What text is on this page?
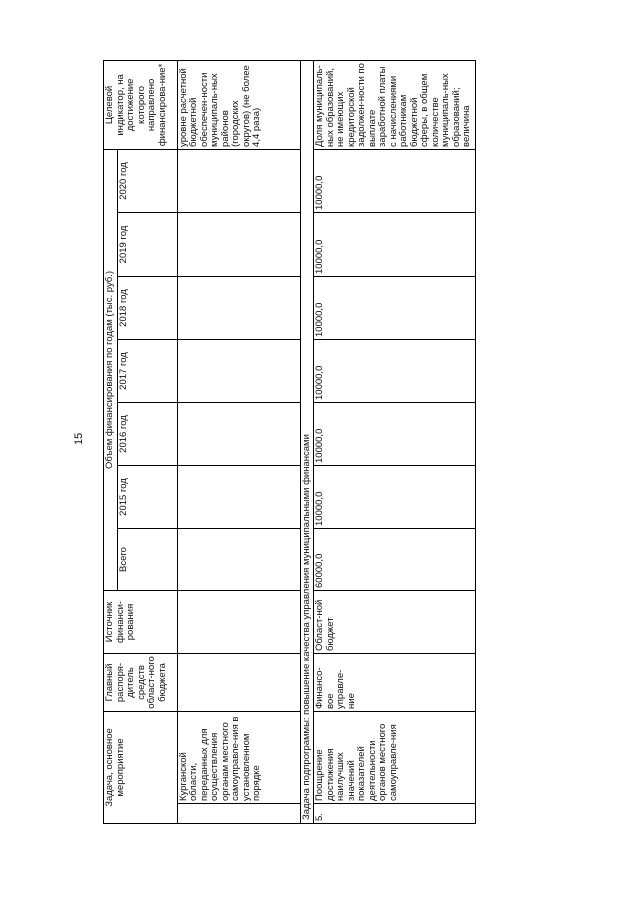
15
Задача, основное мероприятие		Главный распоря-дитель средств област-ного бюджета	Источник финанси-рования	Объем финансирования по годам (тыс. руб.)							Целевой индикатор, на достижение которого направлено финансирова-ние*
				Всего	2015 год	2016 год	2017 год	2018 год	2019 год	2020 год	
	Курганской области, переданных для осуществления органам местного самоуправле-ния в установленном порядке										уровне расчетной бюджетной обеспечен-ности муниципаль-ных районов (городских округов) (не более 4,4 раза)
Задача подпрограммы: повышение качества управления муниципальными финансами											
5.	Поощрение достижения наилучших значений показателей деятельности органов местного самоуправле-ния	Финансо-вое управле-ние	Област-ной бюджет	60000,0	10000,0	10000,0	10000,0	10000,0	10000,0	10000,0	Доля муниципаль-ных образований, не имеющих кредиторской задолжен-ности по выплате заработной платы с начислениями работникам бюджетной сферы, в общем количестве муниципаль-ных образований; величина
